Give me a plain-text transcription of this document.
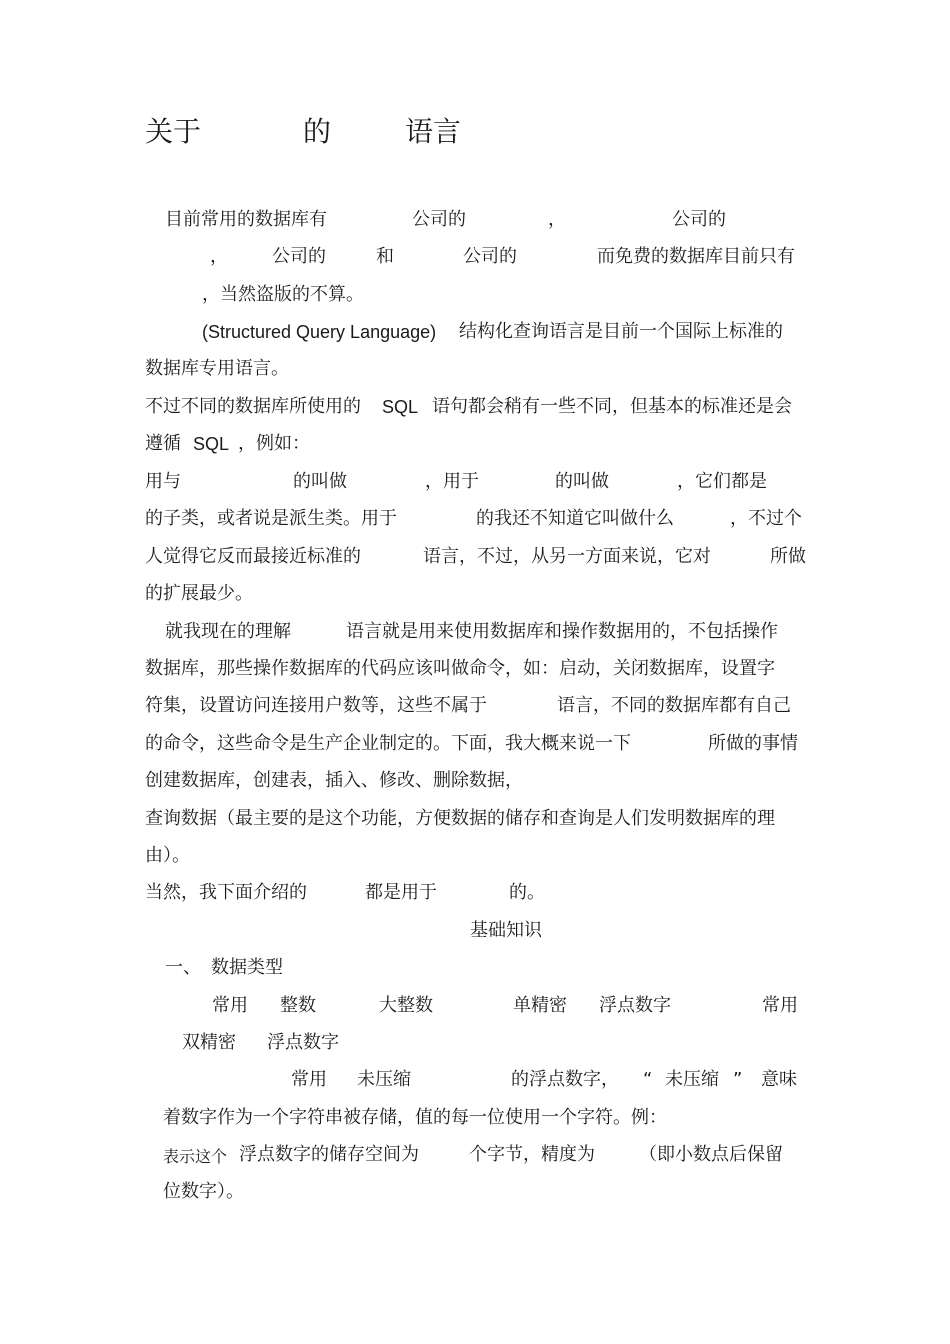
关于	的	语言
目前常用的数据库有	公司的	，	公司的
， 公司的	和	公司的	而免费的数据库目前只有
，当然盗版的不算。
(Structured Query Language) 结构化查询语言是目前一个国际上标准的
数据库专用语言。
不过不同的数据库所使用的 SQL 语句都会稍有一些不同，但基本的标准还是会
遵循 SQL ，例如：
用与	的叫做	，用于	的叫做	，它们都是
的子类，或者说是派生类。用于	的我还不知道它叫做什么	，不过个
人觉得它反而最接近标准的	语言，不过，从另一方面来说，它对	所做
的扩展最少。
就我现在的理解	语言就是用来使用数据库和操作数据用的，不包括操作
数据库，那些操作数据库的代码应该叫做命令，如：启动，关闭数据库，设置字
符集，设置访问连接用户数等，这些不属于	语言，不同的数据库都有自己
的命令，这些命令是生产企业制定的。下面，我大概来说一下	所做的事情
创建数据库，创建表，插入、修改、删除数据，
查询数据（最主要的是这个功能，方便数据的储存和查询是人们发明数据库的理
由）。
当然，我下面介绍的	都是用于	的。
基础知识
一、 数据类型
常用 整数	大整数	单精密 浮点数字	常用
双精密 浮点数字
常用 未压缩	的浮点数字， “ 未压缩 ” 意味
着数字作为一个字符串被存储，值的每一位使用一个字符。例：
表示这个 浮点数字的储存空间为	个字节，精度为 （即小数点后保留
位数字）。
